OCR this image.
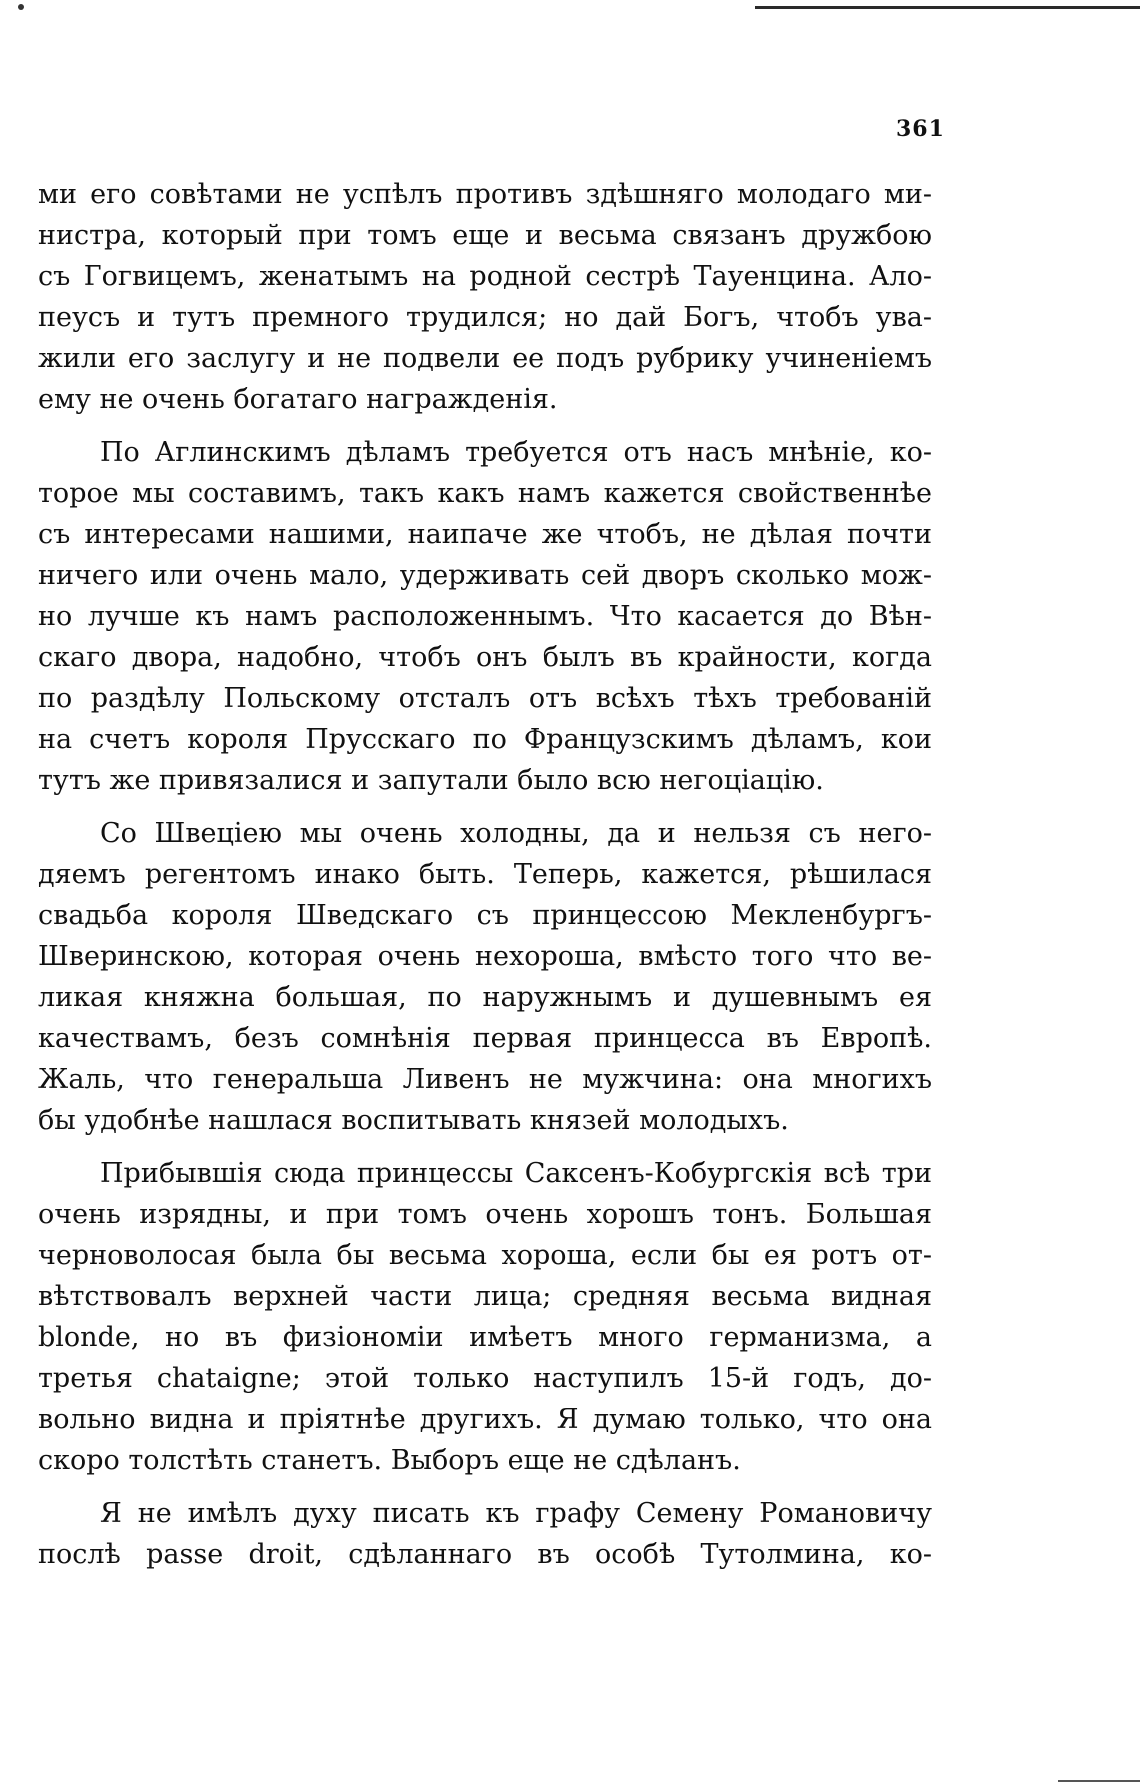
361
ми его совѣтами не успѣлъ противъ здѣшняго молодаго ми-
нистра, который при томъ еще и весьма связанъ дружбою
съ Гогвицемъ, женатымъ на родной сестрѣ Тауенцина. Ало-
пеусъ и тутъ премного трудился; но дай Богъ, чтобъ ува-
жили его заслугу и не подвели ее подъ рубрику учиненіемъ
ему не очень богатаго награжденія.
По Аглинскимъ дѣламъ требуется отъ насъ мнѣніе, ко-
торое мы составимъ, такъ какъ намъ кажется свойственнѣе
съ интересами нашими, наипаче же чтобъ, не дѣлая почти
ничего или очень мало, удерживать сей дворъ сколько мож-
но лучше къ намъ расположеннымъ. Что касается до Вѣн-
скаго двора, надобно, чтобъ онъ былъ въ крайности, когда
по раздѣлу Польскому отсталъ отъ всѣхъ тѣхъ требованій
на счетъ короля Прусскаго по Французскимъ дѣламъ, кои
тутъ же привязалися и запутали было всю негоціацію.
Со Швеціею мы очень холодны, да и нельзя съ него-
дяемъ регентомъ инако быть. Теперь, кажется, рѣшилася
свадьба короля Шведскаго съ принцессою Мекленбургъ-
Шверинскою, которая очень нехороша, вмѣсто того что ве-
ликая княжна большая, по наружнымъ и душевнымъ ея
качествамъ, безъ сомнѣнія первая принцесса въ Европѣ.
Жаль, что генеральша Ливенъ не мужчина: она многихъ
бы удобнѣе нашлася воспитывать князей молодыхъ.
Прибывшія сюда принцессы Саксенъ-Кобургскія всѣ три
очень изрядны, и при томъ очень хорошъ тонъ. Большая
черноволосая была бы весьма хороша, если бы ея ротъ от-
вѣтствовалъ верхней части лица; средняя весьма видная
blonde, но въ физіономіи имѣетъ много германизма, а
третья chataigne; этой только наступилъ 15-й годъ, до-
вольно видна и пріятнѣе другихъ. Я думаю только, что она
скоро толстѣть станетъ. Выборъ еще не сдѣланъ.
Я не имѣлъ духу писать къ графу Семену Романовичу
послѣ passe droit, сдѣланнаго въ особѣ Тутолмина, ко-
